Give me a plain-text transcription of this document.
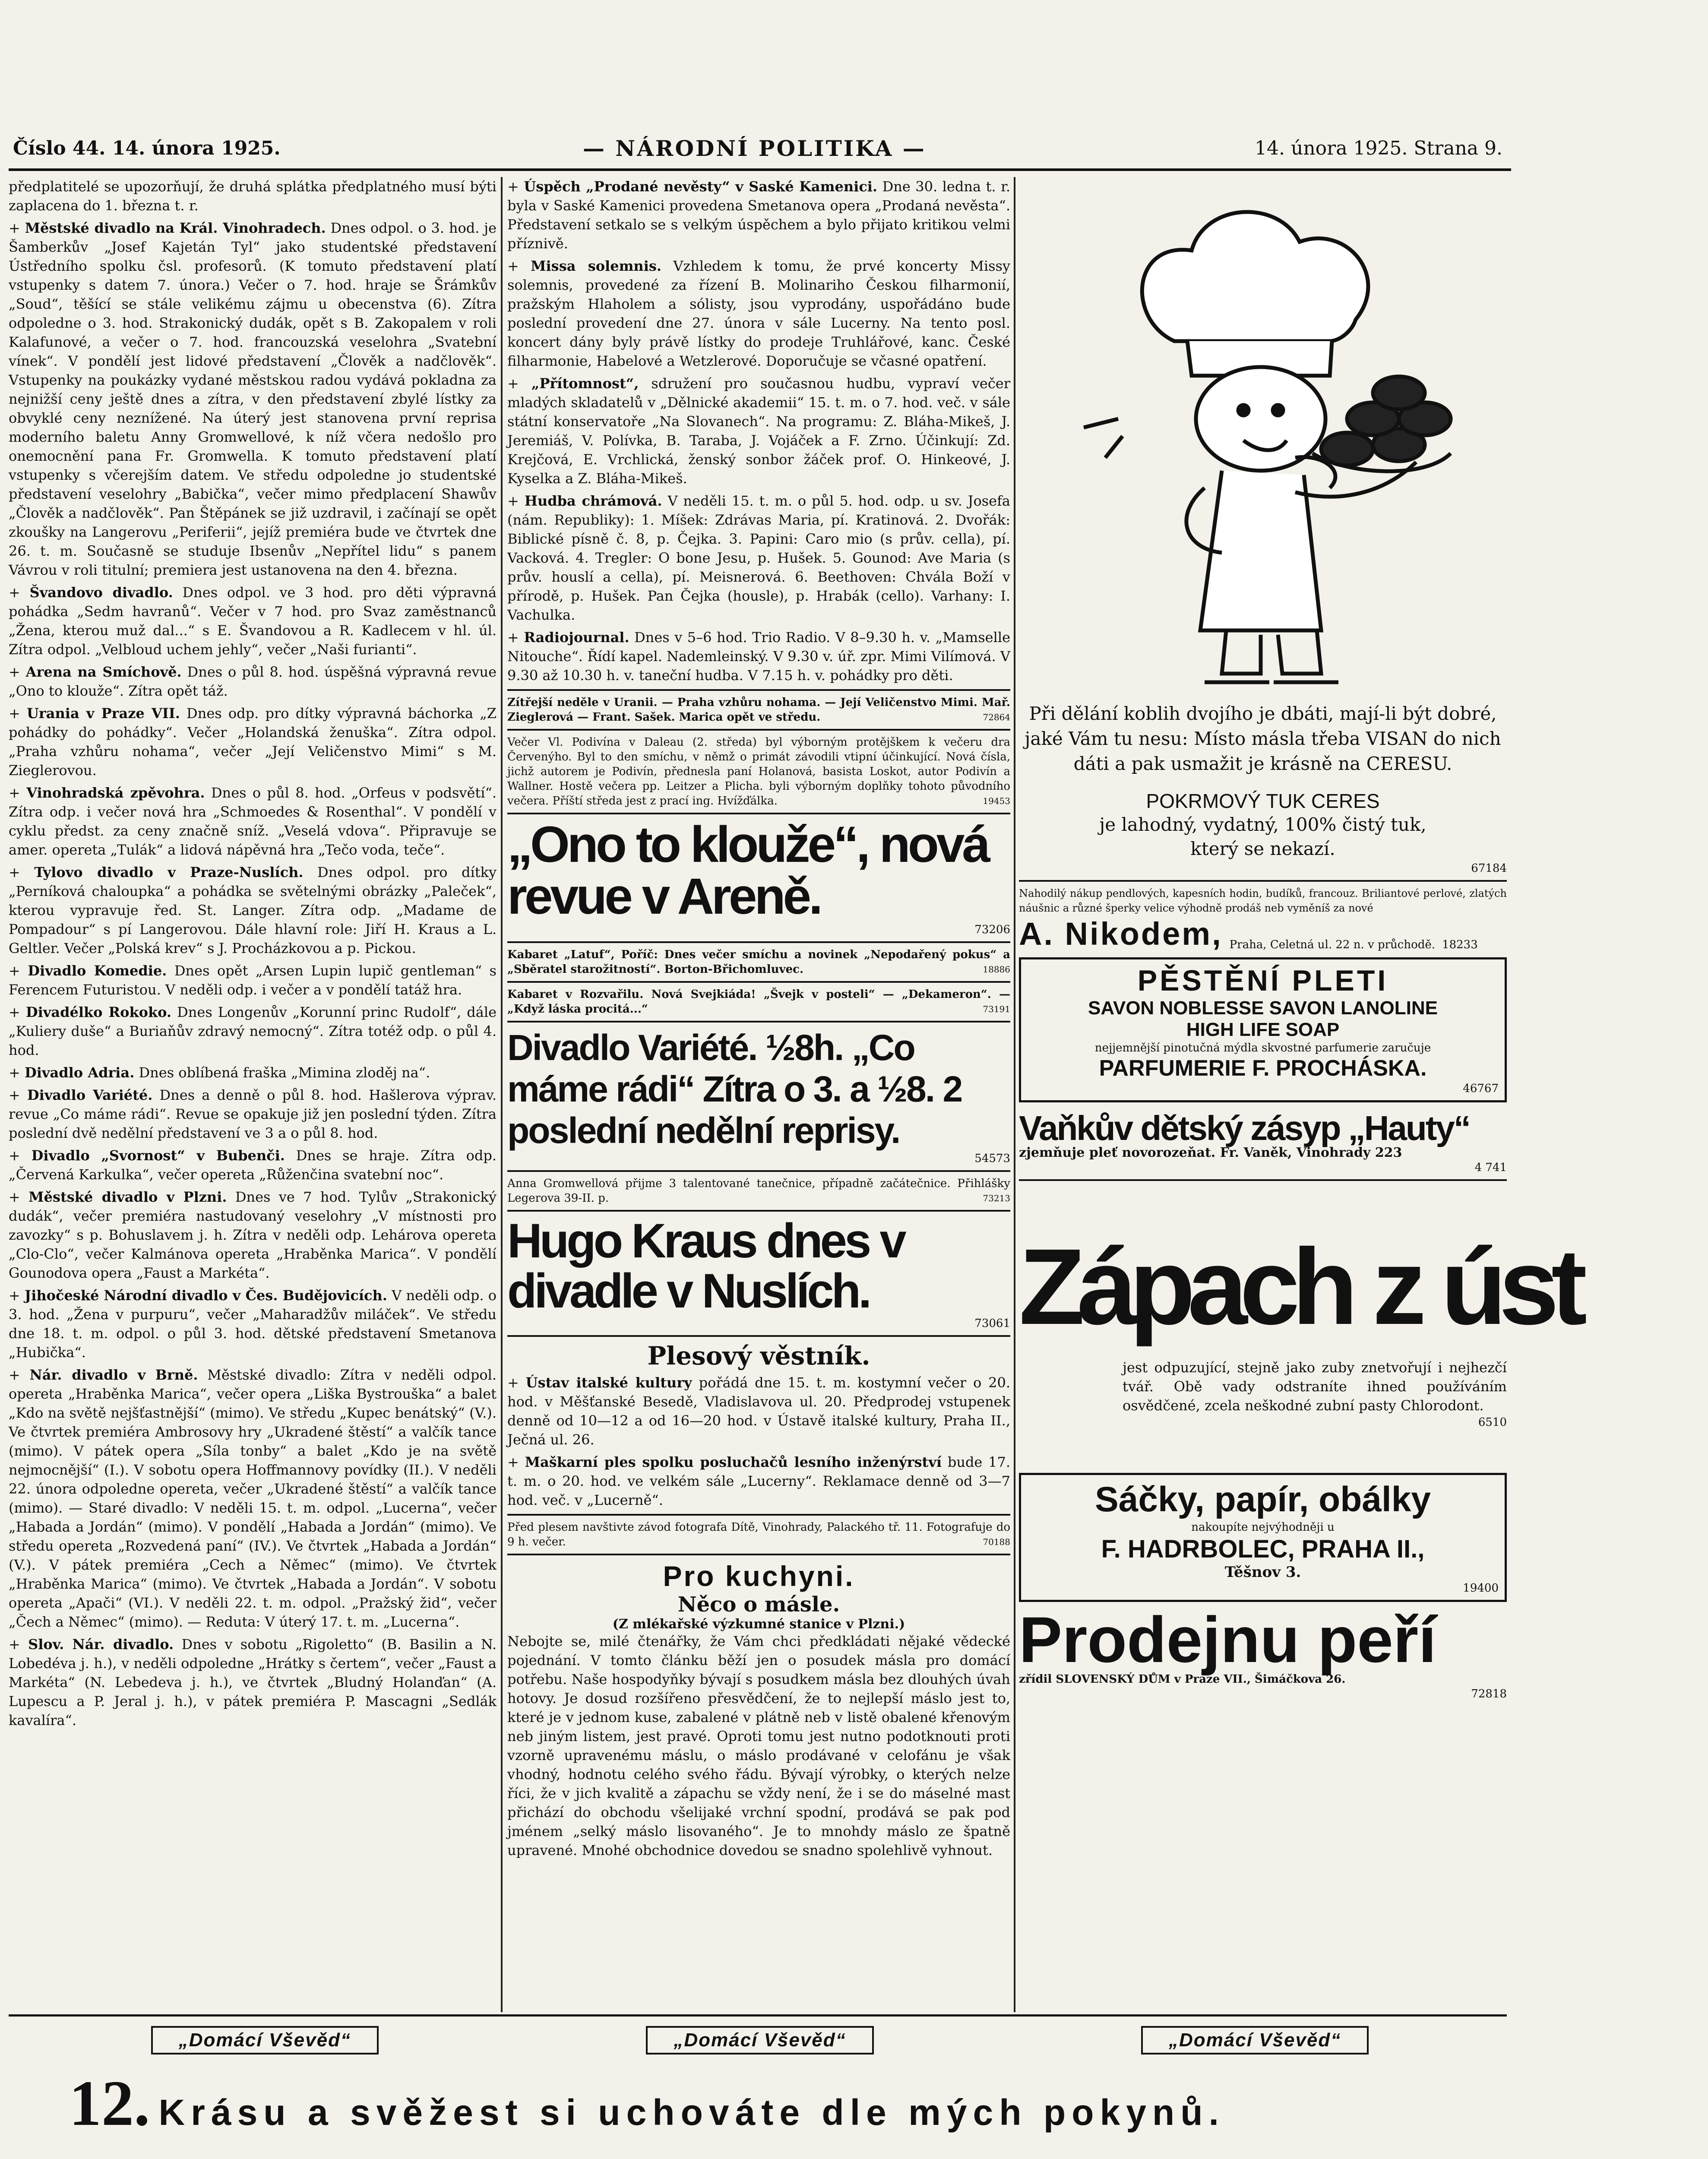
Číslo 44. 14. února 1925.	— NÁRODNÍ POLITIKA —	14. února 1925. Strana 9.
předplatitelé se upozorňují, že druhá splátka předplatného musí býti zaplacena do 1. března t. r.
+ Městské divadlo na Král. Vinohradech. Dnes odpol. o 3. hod. je Šamberkův „Josef Kajetán Tyl“ jako studentské představení Ústředního spolku čsl. profesorů. (K tomuto představení platí vstupenky s datem 7. února.) Večer o 7. hod. hraje se Šrámkův „Soud“, těšící se stále velikému zájmu u obecenstva (6). Zítra odpoledne o 3. hod. Strakonický dudák, opět s B. Zakopalem v roli Kalafunové, a večer o 7. hod. francouzská veselohra „Svatební vínek“. V pondělí jest lidové představení „Člověk a nadčlověk“. Vstupenky na poukázky vydané městskou radou vydává pokladna za nejnižší ceny ještě dnes a zítra, v den představení zbylé lístky za obvyklé ceny neznížené. Na úterý jest stanovena první reprisa moderního baletu Anny Gromwellové, k níž včera nedošlo pro onemocnění pana Fr. Gromwella. K tomuto představení platí vstupenky s včerejším datem. Ve středu odpoledne jo studentské představení veselohry „Babička“, večer mimo předplacení Shawův „Člověk a nadčlověk“. Pan Štěpánek se již uzdravil, i začínají se opět zkoušky na Langerovu „Periferii“, jejíž premiéra bude ve čtvrtek dne 26. t. m. Současně se studuje Ibsenův „Nepřítel lidu“ s panem Vávrou v roli titulní; premiera jest ustanovena na den 4. března.
+ Švandovo divadlo. Dnes odpol. ve 3 hod. pro děti výpravná pohádka „Sedm havranů“. Večer v 7 hod. pro Svaz zaměstnanců „Žena, kterou muž dal...“ s E. Švandovou a R. Kadlecem v hl. úl. Zítra odpol. „Velbloud uchem jehly“, večer „Naši furianti“.
+ Arena na Smíchově. Dnes o půl 8. hod. úspěšná výpravná revue „Ono to klouže“. Zítra opět táž.
+ Urania v Praze VII. Dnes odp. pro dítky výpravná báchorka „Z pohádky do pohádky“. Večer „Holandská ženuška“. Zítra odpol. „Praha vzhůru nohama“, večer „Její Veličenstvo Mimi“ s M. Zieglerovou.
+ Vinohradská zpěvohra. Dnes o půl 8. hod. „Orfeus v podsvětí“. Zítra odp. i večer nová hra „Schmoedes & Rosenthal“. V pondělí v cyklu předst. za ceny značně sníž. „Veselá vdova“. Připravuje se amer. opereta „Tulák“ a lidová nápěvná hra „Tečo voda, teče“.
+ Tylovo divadlo v Praze-Nuslích. Dnes odpol. pro dítky „Perníková chaloupka“ a pohádka se světelnými obrázky „Paleček“, kterou vypravuje řed. St. Langer. Zítra odp. „Madame de Pompadour“ s pí Langerovou. Dále hlavní role: Jiří H. Kraus a L. Geltler. Večer „Polská krev“ s J. Procházkovou a p. Pickou.
+ Divadlo Komedie. Dnes opět „Arsen Lupin lupič gentleman“ s Ferencem Futuristou. V neděli odp. i večer a v pondělí tatáž hra.
+ Divadélko Rokoko. Dnes Longenův „Korunní princ Rudolf“, dále „Kuliery duše“ a Buriaňův zdravý nemocný“. Zítra totéž odp. o půl 4. hod.
+ Divadlo Adria. Dnes oblíbená fraška „Mimina zloděj na“.
+ Divadlo Variété. Dnes a denně o půl 8. hod. Hašlerova výprav. revue „Co máme rádi“. Revue se opakuje již jen poslední týden. Zítra poslední dvě nedělní představení ve 3 a o půl 8. hod.
+ Divadlo „Svornost“ v Bubenči. Dnes se hraje. Zítra odp. „Červená Karkulka“, večer opereta „Růženčina svatební noc“.
+ Městské divadlo v Plzni. Dnes ve 7 hod. Tylův „Strakonický dudák“, večer premiéra nastudovaný veselohry „V místnosti pro zavozky“ s p. Bohuslavem j. h. Zítra v neděli odp. Lehárova opereta „Clo-Clo“, večer Kalmánova opereta „Hraběnka Marica“. V pondělí Gounodova opera „Faust a Markéta“.
+ Jihočeské Národní divadlo v Čes. Budějovicích. V neděli odp. o 3. hod. „Žena v purpuru“, večer „Maharadžův miláček“. Ve středu dne 18. t. m. odpol. o půl 3. hod. dětské představení Smetanova „Hubička“.
+ Nár. divadlo v Brně. Městské divadlo: Zítra v neděli odpol. opereta „Hraběnka Marica“, večer opera „Liška Bystrouška“ a balet „Kdo na světě nejšťastnější“ (mimo). Ve středu „Kupec benátský“ (V.). Ve čtvrtek premiéra Ambrosovy hry „Ukradené štěstí“ a valčík tance (mimo). V pátek opera „Síla tonby“ a balet „Kdo je na světě nejmocnější“ (I.). V sobotu opera Hoffmannovy povídky (II.). V neděli 22. února odpoledne opereta, večer „Ukradené štěstí“ a valčík tance (mimo). — Staré divadlo: V neděli 15. t. m. odpol. „Lucerna“, večer „Habada a Jordán“ (mimo). V pondělí „Habada a Jordán“ (mimo). Ve středu opereta „Rozvedená paní“ (IV.). Ve čtvrtek „Habada a Jordán“ (V.). V pátek premiéra „Cech a Němec“ (mimo). Ve čtvrtek „Hraběnka Marica“ (mimo). Ve čtvrtek „Habada a Jordán“. V sobotu opereta „Apači“ (VI.). V neděli 22. t. m. odpol. „Pražský žid“, večer „Čech a Němec“ (mimo). — Reduta: V úterý 17. t. m. „Lucerna“.
+ Slov. Nár. divadlo. Dnes v sobotu „Rigoletto“ (B. Basilin a N. Lobedéva j. h.), v neděli odpoledne „Hrátky s čertem“, večer „Faust a Markéta“ (N. Lebedeva j. h.), ve čtvrtek „Bludný Holanďan“ (A. Lupescu a P. Jeral j. h.), v pátek premiéra P. Mascagni „Sedlák kavalíra“.
+ Úspěch „Prodané nevěsty“ v Saské Kamenici. Dne 30. ledna t. r. byla v Saské Kamenici provedena Smetanova opera „Prodaná nevěsta“. Představení setkalo se s velkým úspěchem a bylo přijato kritikou velmi příznivě.
+ Missa solemnis. Vzhledem k tomu, že prvé koncerty Missy solemnis, provedené za řízení B. Molinariho Českou filharmonií, pražským Hlaholem a sólisty, jsou vyprodány, uspořádáno bude poslední provedení dne 27. února v sále Lucerny. Na tento posl. koncert dány byly právě lístky do prodeje Truhlářové, kanc. České filharmonie, Habelové a Wetzlerové. Doporučuje se včasné opatření.
+ „Přítomnost“, sdružení pro současnou hudbu, vypraví večer mladých skladatelů v „Dělnické akademii“ 15. t. m. o 7. hod. več. v sále státní konservatoře „Na Slovanech“. Na programu: Z. Bláha-Mikeš, J. Jeremiáš, V. Polívka, B. Taraba, J. Vojáček a F. Zrno. Účinkují: Zd. Krejčová, E. Vrchlická, ženský sonbor žáček prof. O. Hinkeové, J. Kyselka a Z. Bláha-Mikeš.
+ Hudba chrámová. V neděli 15. t. m. o půl 5. hod. odp. u sv. Josefa (nám. Republiky): 1. Míšek: Zdrávas Maria, pí. Kratinová. 2. Dvořák: Biblické písně č. 8, p. Čejka. 3. Papini: Caro mio (s prův. cella), pí. Vacková. 4. Tregler: O bone Jesu, p. Hušek. 5. Gounod: Ave Maria (s prův. houslí a cella), pí. Meisnerová. 6. Beethoven: Chvála Boží v přírodě, p. Hušek. Pan Čejka (housle), p. Hrabák (cello). Varhany: I. Vachulka.
+ Radiojournal. Dnes v 5–6 hod. Trio Radio. V 8–9.30 h. v. „Mamselle Nitouche“. Řídí kapel. Nademleinský. V 9.30 v. úř. zpr. Mimi Vilímová. V 9.30 až 10.30 h. v. taneční hudba. V 7.15 h. v. pohádky pro děti.
Zítřejší neděle v Uranii. — Praha vzhůru nohama. — Její Veličenstvo Mimi. Mař. Zieglerová — Frant. Sašek. Marica opět ve středu.	72864
Večer Vl. Podivína v Daleau (2. středa) byl výborným protějškem k večeru dra Červenýho. Byl to den smíchu, v němž o primát závodili vtipní účinkující. Nová čísla, jichž autorem je Podivín, přednesla paní Holanová, basista Loskot, autor Podivín a Wallner. Hostě večera pp. Leitzer a Plicha. byli výborným doplňky tohoto původního večera. Příští středa jest z prací ing. Hvížďálka.	19453
„Ono to klouže“, nová revue v Areně.
73206
Kabaret „Latuf“, Poříč: Dnes večer smíchu a novinek „Nepodařený pokus“ a „Sběratel starožitností“. Borton-Břichomluvec.	18886
Kabaret v Rozvařilu. Nová Svejkiáda! „Švejk v posteli“ — „Dekameron“. — „Když láska procitá...“	73191
Divadlo Variété. ½8h. „Co máme rádi“ Zítra o 3. a ½8. 2 poslední nedělní reprisy.
54573
Anna Gromwellová přijme 3 talentované tanečnice, případně začátečnice. Přihlášky Legerova 39-II. p.	73213
Hugo Kraus dnes v divadle v Nuslích.
73061
Plesový věstník.
+ Ústav italské kultury pořádá dne 15. t. m. kostymní večer o 20. hod. v Měšťanské Besedě, Vladislavova ul. 20. Předprodej vstupenek denně od 10—12 a od 16—20 hod. v Ústavě italské kultury, Praha II., Ječná ul. 26.
+ Maškarní ples spolku posluchačů lesního inženýrství bude 17. t. m. o 20. hod. ve velkém sále „Lucerny“. Reklamace denně od 3—7 hod. več. v „Lucerně“.
Před plesem navštivte závod fotografa Dítě, Vinohrady, Palackého tř. 11. Fotografuje do 9 h. večer.	70188
Pro kuchyni.
Něco o másle.
(Z mlékařské výzkumné stanice v Plzni.)
Nebojte se, milé čtenářky, že Vám chci předkládati nějaké vědecké pojednání. V tomto článku běží jen o posudek másla pro domácí potřebu. Naše hospodyňky bývají s posudkem másla bez dlouhých úvah hotovy. Je dosud rozšířeno přesvědčení, že to nejlepší máslo jest to, které je v jednom kuse, zabalené v plátně neb v listě obalené křenovým neb jiným listem, jest pravé. Oproti tomu jest nutno podotknouti proti vzorně upravenému máslu, o máslo prodávané v celofánu je však vhodný, hodnotu celého svého řádu. Bývají výrobky, o kterých nelze říci, že v jich kvalitě a zápachu se vždy není, že i se do máselné mast přichází do obchodu všelijaké vrchní spodní, prodává se pak pod jménem „selký máslo lisovaného“. Je to mnohdy máslo ze špatně upravené. Mnohé obchodnice dovedou se snadno spolehlivě vyhnout.
Při dělání koblih dvojího je dbáti, mají-li být dobré, jaké Vám tu nesu: Místo másla třeba VISAN do nich dáti a pak usmažit je krásně na CERESU.
POKRMOVÝ TUK CERES
je lahodný, vydatný, 100% čistý tuk, který se nekazí.
67184
Nahodilý nákup pendlových, kapesních hodin, budíků, francouz. Briliantové perlové, zlatých náušnic a různé šperky velice výhodně prodáš neb vyměníš za nové
A. Nikodem, Praha, Celetná ul. 22 n. v průchodě. 18233
PĚSTĚNÍ PLETI
SAVON NOBLESSE SAVON LANOLINE HIGH LIFE SOAP
nejjemnější pinotučná mýdla skvostné parfumerie zaručuje
PARFUMERIE F. PROCHÁSKA.
46767
Vaňkův dětský zásyp „Hauty“
zjemňuje pleť novorozeňat. Fr. Vaněk, Vinohrady 223
4 741
Zápach z úst
jest odpuzující, stejně jako zuby znetvořují i nejhezčí tvář. Obě vady odstraníte ihned používáním osvědčené, zcela neškodné zubní pasty Chlorodont.
6510
Sáčky, papír, obálky
nakoupíte nejvýhodněji u
F. HADRBOLEC, PRAHA II.,
Těšnov 3.
19400
Prodejnu peří
zřídil SLOVENSKÝ DŮM v Praze VII., Šimáčkova 26.
72818
„Domácí Vševěd“	„Domácí Vševěd“	„Domácí Vševěd“
12. Krásu a svěžest si uchováte dle mých pokynů.
